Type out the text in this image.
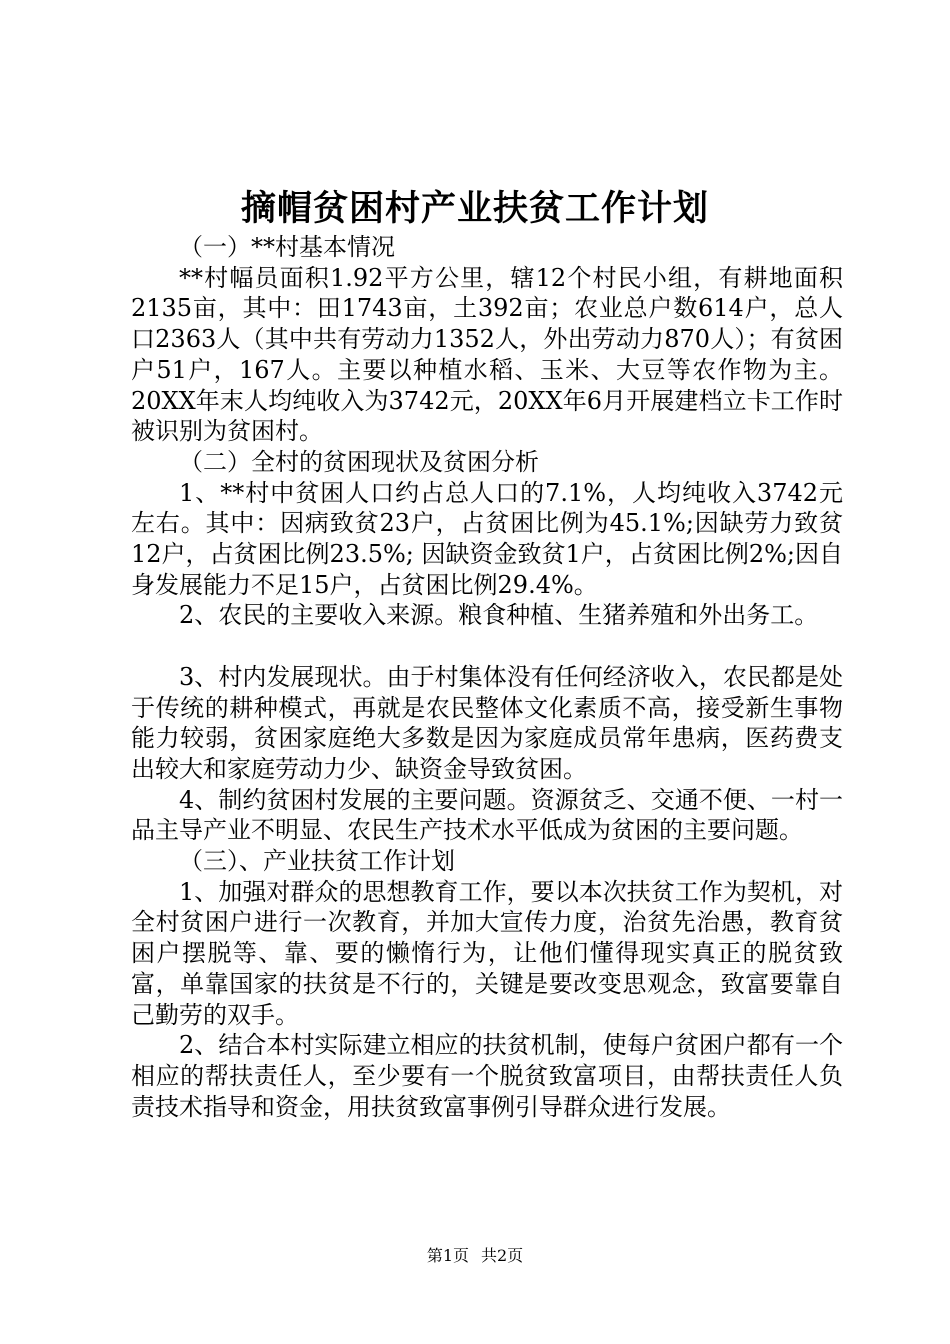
摘帽贫困村产业扶贫工作计划

（一）**村基本情况

**村幅员面积1.92平方公里，辖12个村民小组，有耕地面积2135亩，其中：田1743亩，土392亩；农业总户数614户，总人口2363人（其中共有劳动力1352人，外出劳动力870人）；有贫困户51户，167人。主要以种植水稻、玉米、大豆等农作物为主。20XX年末人均纯收入为3742元，20XX年6月开展建档立卡工作时被识别为贫困村。

（二）全村的贫困现状及贫困分析

1、**村中贫困人口约占总人口的7.1%，人均纯收入3742元左右。其中：因病致贫23户，占贫困比例为45.1%;因缺劳力致贫12户，占贫困比例23.5%; 因缺资金致贫1户，占贫困比例2%;因自身发展能力不足15户，占贫困比例29.4%。

2、农民的主要收入来源。粮食种植、生猪养殖和外出务工。

3、村内发展现状。由于村集体没有任何经济收入，农民都是处于传统的耕种模式，再就是农民整体文化素质不高，接受新生事物能力较弱，贫困家庭绝大多数是因为家庭成员常年患病，医药费支出较大和家庭劳动力少、缺资金导致贫困。

4、制约贫困村发展的主要问题。资源贫乏、交通不便、一村一品主导产业不明显、农民生产技术水平低成为贫困的主要问题。

（三）、产业扶贫工作计划

1、加强对群众的思想教育工作，要以本次扶贫工作为契机，对全村贫困户进行一次教育，并加大宣传力度，治贫先治愚，教育贫困户摆脱等、靠、要的懒惰行为，让他们懂得现实真正的脱贫致富，单靠国家的扶贫是不行的，关键是要改变思观念，致富要靠自己勤劳的双手。

2、结合本村实际建立相应的扶贫机制，使每户贫困户都有一个相应的帮扶责任人，至少要有一个脱贫致富项目，由帮扶责任人负责技术指导和资金，用扶贫致富事例引导群众进行发展。

第1页 共2页
